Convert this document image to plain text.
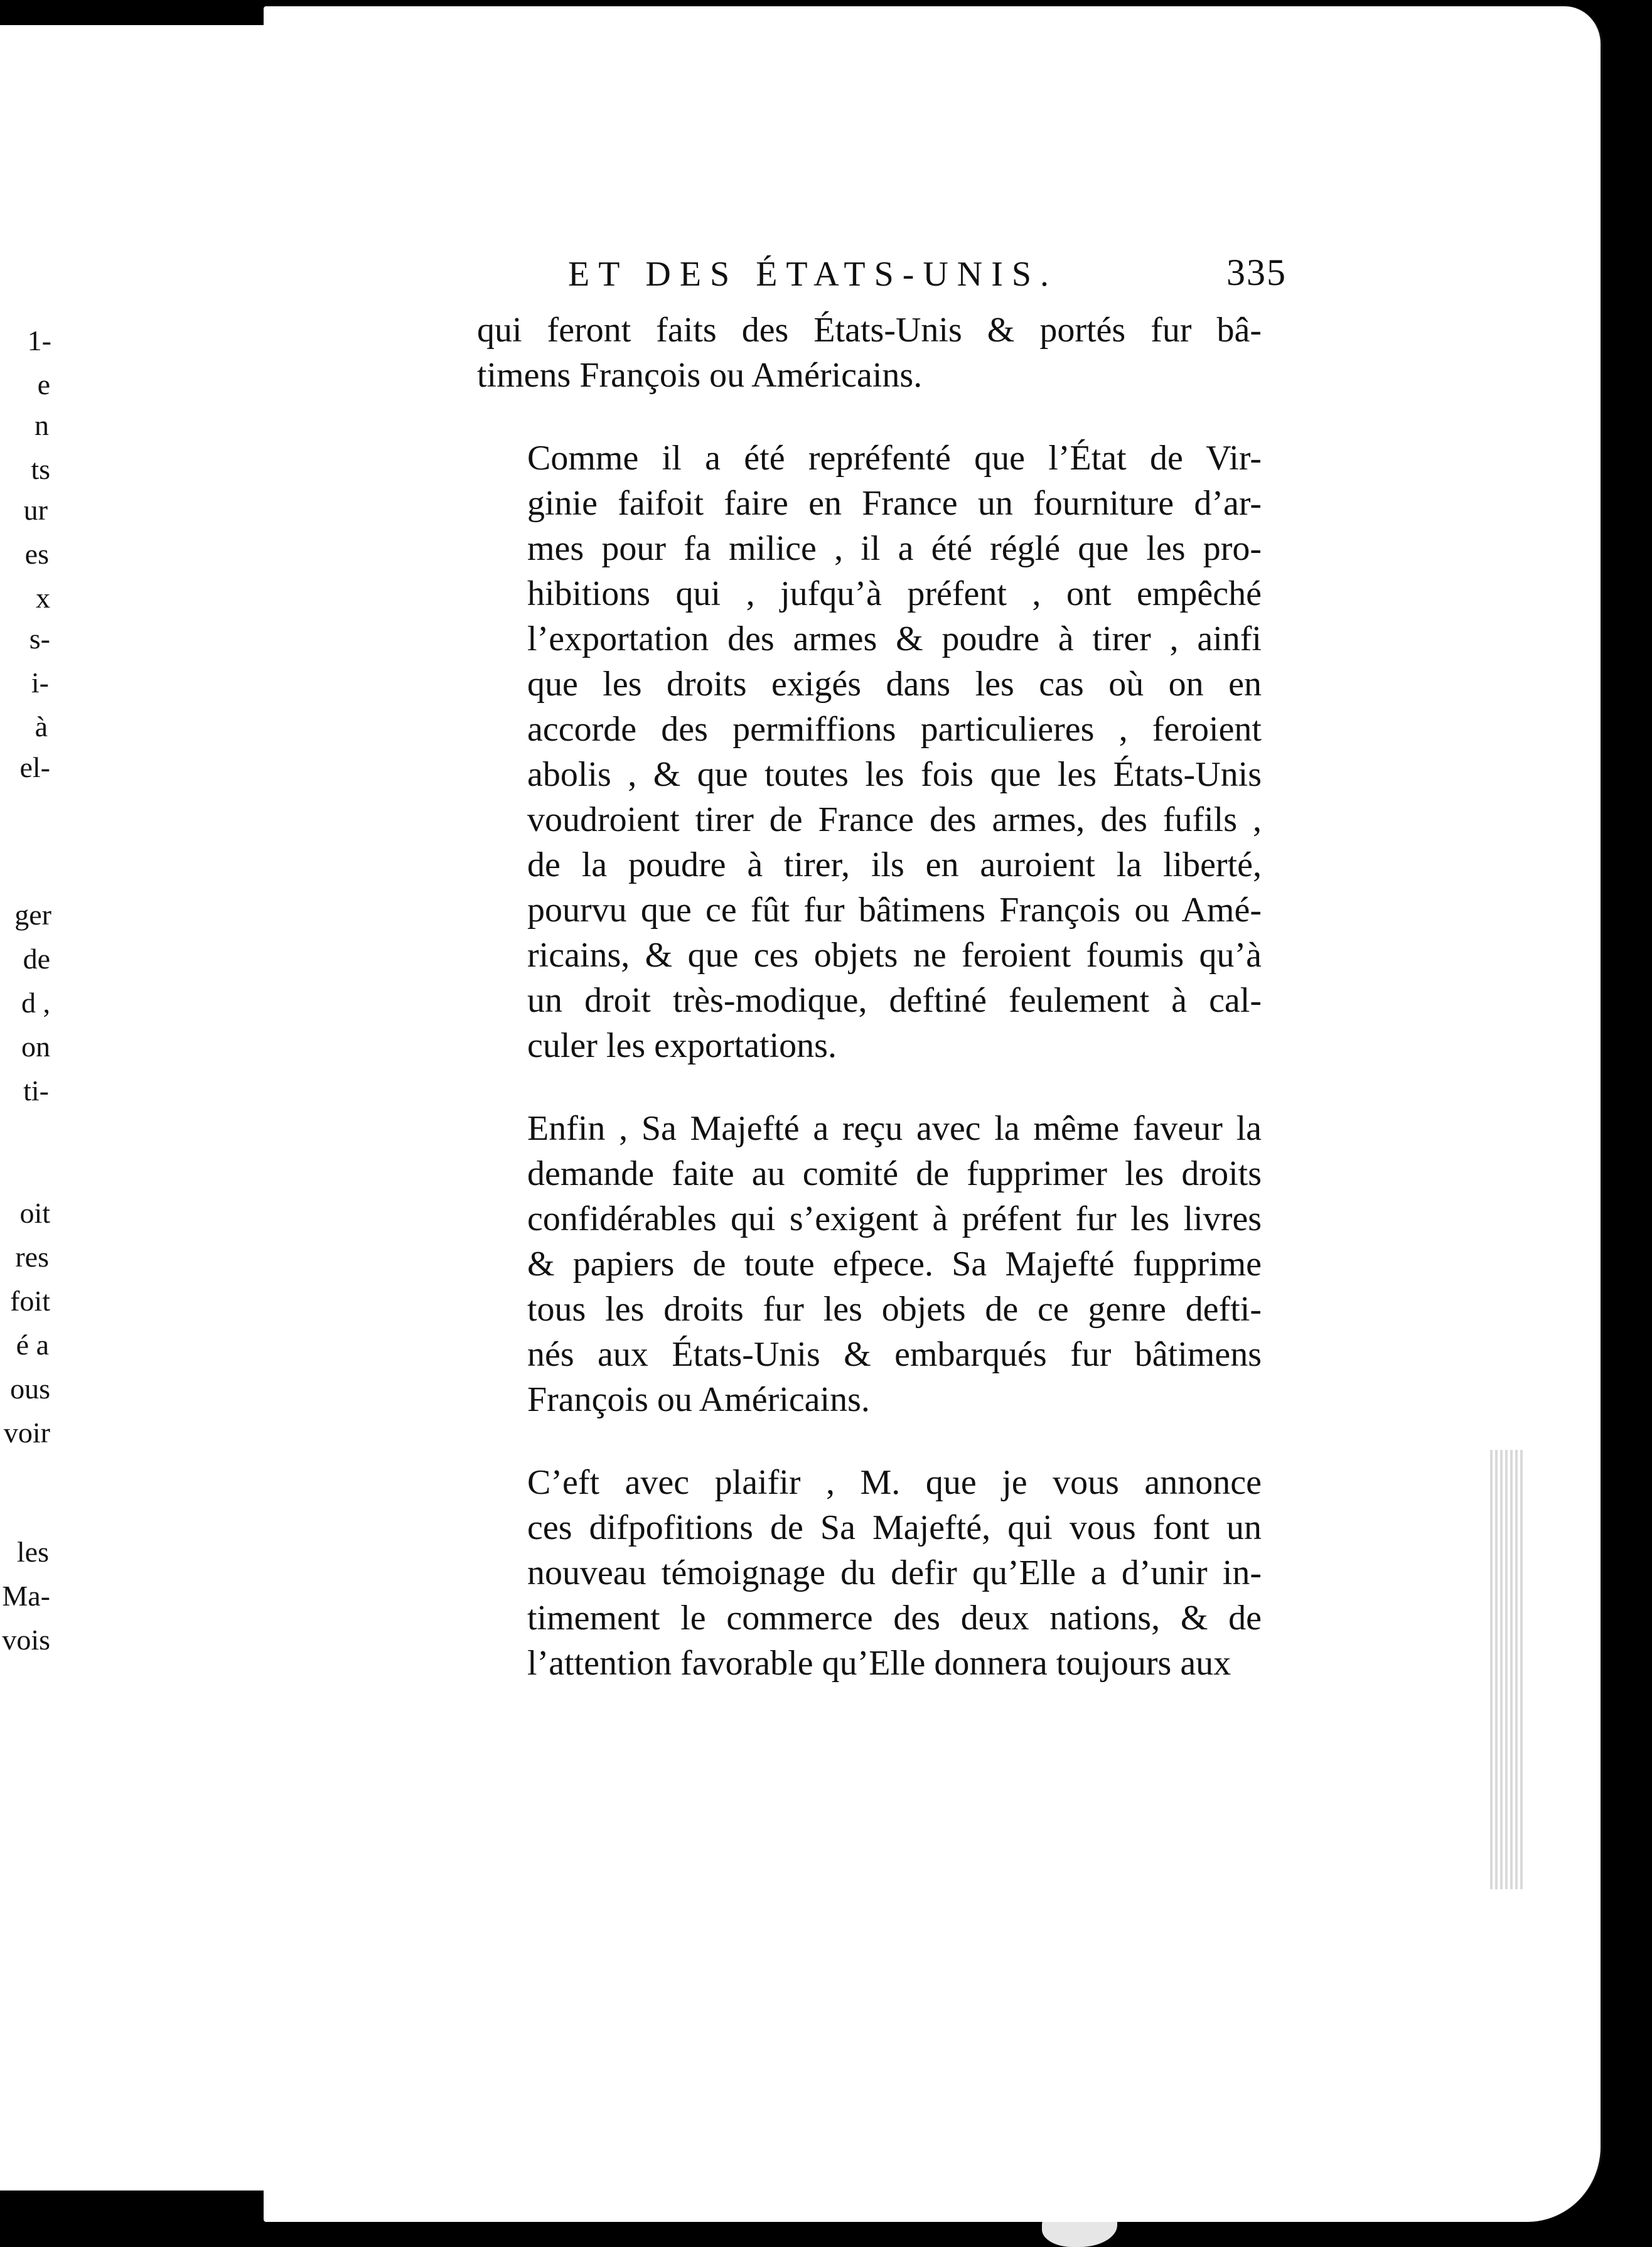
1-
e
n
ts
ur
es
x
s-
i-
à
el-
ger
de
d ,
on
ti-
oit
res
foit
é a
ous
voir
les
Ma-
vois
ET DES ÉTATS-UNIS.	335
qui feront faits des États-Unis & portés fur bâ-
timens François ou Américains.
Comme il a été repréfenté que l’État de Vir-
ginie faifoit faire en France un fourniture d’ar-
mes pour fa milice , il a été réglé que les pro-
hibitions qui , jufqu’à préfent , ont empêché
l’exportation des armes & poudre à tirer , ainfi
que les droits exigés dans les cas où on en
accorde des permiffions particulieres , feroient
abolis , & que toutes les fois que les États-Unis
voudroient tirer de France des armes, des fufils ,
de la poudre à tirer, ils en auroient la liberté,
pourvu que ce fût fur bâtimens François ou Amé-
ricains, & que ces objets ne feroient foumis qu’à
un droit très-modique, deftiné feulement à cal-
culer les exportations.
Enfin , Sa Majefté a reçu avec la même faveur la
demande faite au comité de fupprimer les droits
confidérables qui s’exigent à préfent fur les livres
& papiers de toute efpece. Sa Majefté fupprime
tous les droits fur les objets de ce genre defti-
nés aux États-Unis & embarqués fur bâtimens
François ou Américains.
C’eft avec plaifir , M. que je vous annonce
ces difpofitions de Sa Majefté, qui vous font un
nouveau témoignage du defir qu’Elle a d’unir in-
timement le commerce des deux nations, & de
l’attention favorable qu’Elle donnera toujours aux
